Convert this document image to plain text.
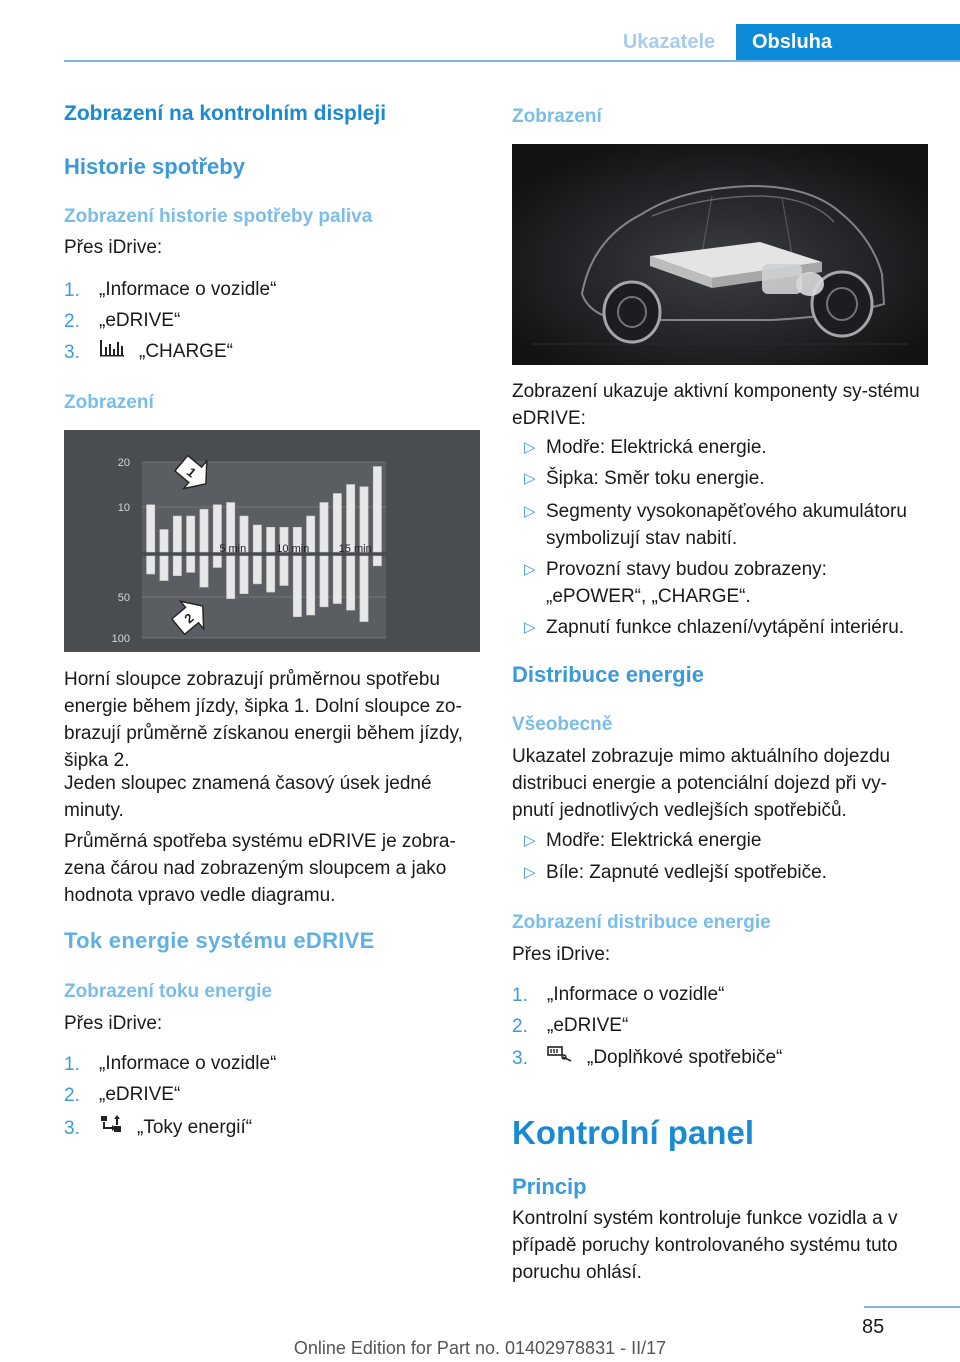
Ukazatele	Obsluha
Zobrazení na kontrolním displeji
Historie spotřeby
Zobrazení historie spotřeby paliva
Přes iDrive:
1. „Informace o vozidle“
2. „eDRIVE“
3.	„CHARGE“
Zobrazení
20
10
50
100
5 min	10 min	15 min
1
2
Horní sloupce zobrazují průměrnou spotřebu energie během jízdy, šipka 1. Dolní sloupce zo-brazují průměrně získanou energii během jízdy, šipka 2.
Jeden sloupec znamená časový úsek jedné minuty.
Průměrná spotřeba systému eDRIVE je zobra-zena čárou nad zobrazeným sloupcem a jako hodnota vpravo vedle diagramu.
Tok energie systému eDRIVE
Zobrazení toku energie
Přes iDrive:
1. „Informace o vozidle“
2. „eDRIVE“
3.	„Toky energií“
Zobrazení
Zobrazení ukazuje aktivní komponenty sy-stému eDRIVE:
▷ Modře: Elektrická energie.
▷ Šipka: Směr toku energie.
▷ Segmenty vysokonapěťového akumulátoru symbolizují stav nabití.
▷ Provozní stavy budou zobrazeny: „ePOWER“, „CHARGE“.
▷ Zapnutí funkce chlazení/vytápění interiéru.
Distribuce energie
Všeobecně
Ukazatel zobrazuje mimo aktuálního dojezdu distribuci energie a potenciální dojezd při vy-pnutí jednotlivých vedlejších spotřebičů.
▷ Modře: Elektrická energie
▷ Bíle: Zapnuté vedlejší spotřebiče.
Zobrazení distribuce energie
Přes iDrive:
1. „Informace o vozidle“
2. „eDRIVE“
3.	„Doplňkové spotřebiče“
Kontrolní panel
Princip
Kontrolní systém kontroluje funkce vozidla a v případě poruchy kontrolovaného systému tuto poruchu ohlásí.
85
Online Edition for Part no. 01402978831 - II/17
